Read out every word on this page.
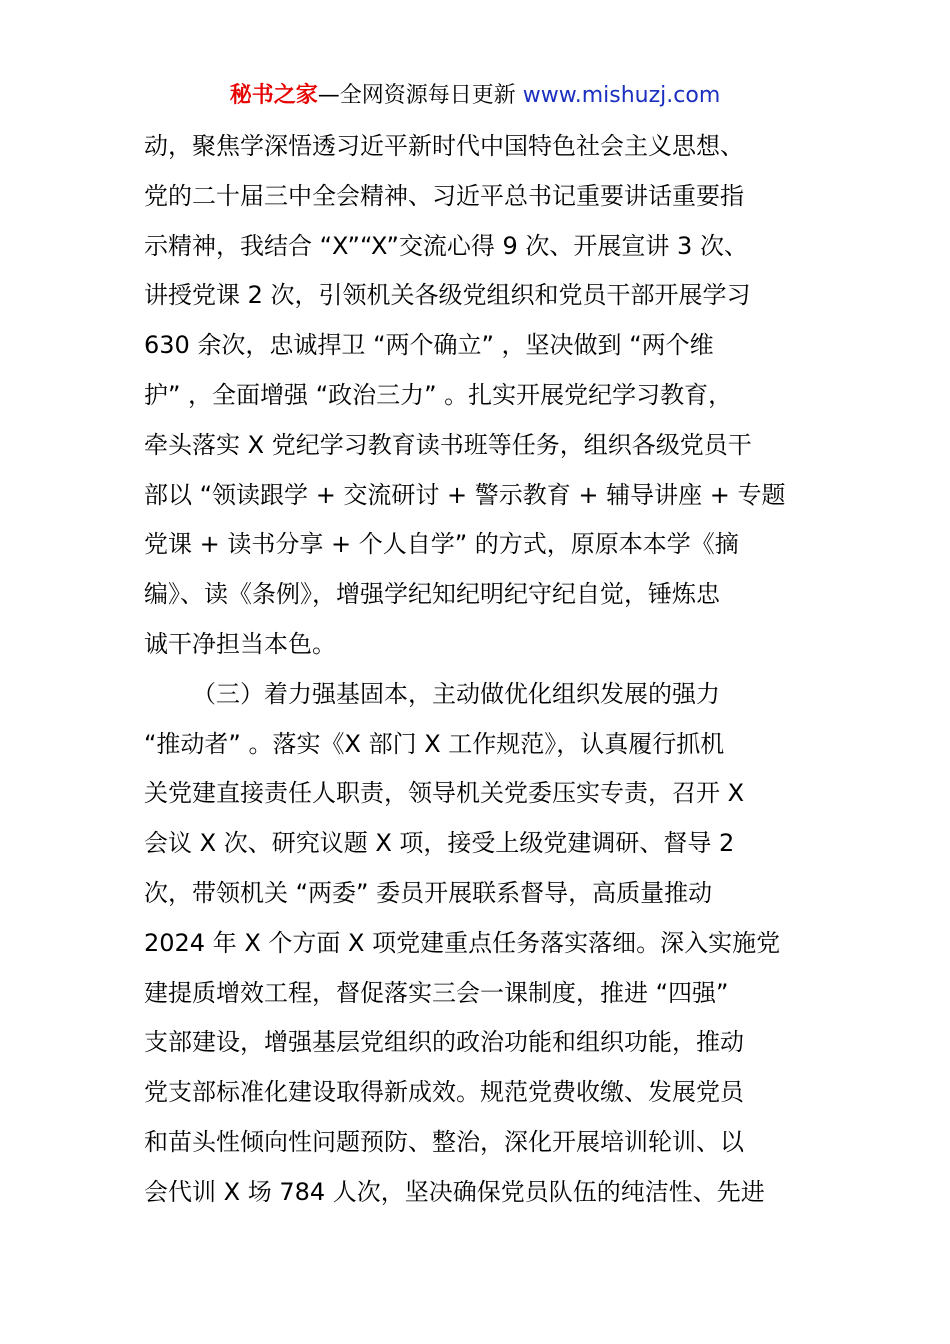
秘书之家—全网资源每日更新 www.mishuzj.com
动，聚焦学深悟透习近平新时代中国特色社会主义思想、
党的二十届三中全会精神、习近平总书记重要讲话重要指
示精神，我结合 “X”“X”交流心得 9 次、开展宣讲 3 次、
讲授党课 2 次，引领机关各级党组织和党员干部开展学习
630 余次，忠诚捍卫 “两个确立” ，坚决做到 “两个维
护” ，全面增强 “政治三力” 。扎实开展党纪学习教育，
牵头落实 X 党纪学习教育读书班等任务，组织各级党员干
部以 “领读跟学 + 交流研讨 + 警示教育 + 辅导讲座 + 专题
党课 + 读书分享 + 个人自学” 的方式，原原本本学《摘
编》、读《条例》，增强学纪知纪明纪守纪自觉，锤炼忠
诚干净担当本色。
（三）着力强基固本，主动做优化组织发展的强力
“推动者” 。落实《X 部门 X 工作规范》，认真履行抓机
关党建直接责任人职责，领导机关党委压实专责，召开 X
会议 X 次、研究议题 X 项，接受上级党建调研、督导 2
次，带领机关 “两委” 委员开展联系督导，高质量推动
2024 年 X 个方面 X 项党建重点任务落实落细。深入实施党
建提质增效工程，督促落实三会一课制度，推进 “四强”
支部建设，增强基层党组织的政治功能和组织功能，推动
党支部标准化建设取得新成效。规范党费收缴、发展党员
和苗头性倾向性问题预防、整治，深化开展培训轮训、以
会代训 X 场 784 人次，坚决确保党员队伍的纯洁性、先进
